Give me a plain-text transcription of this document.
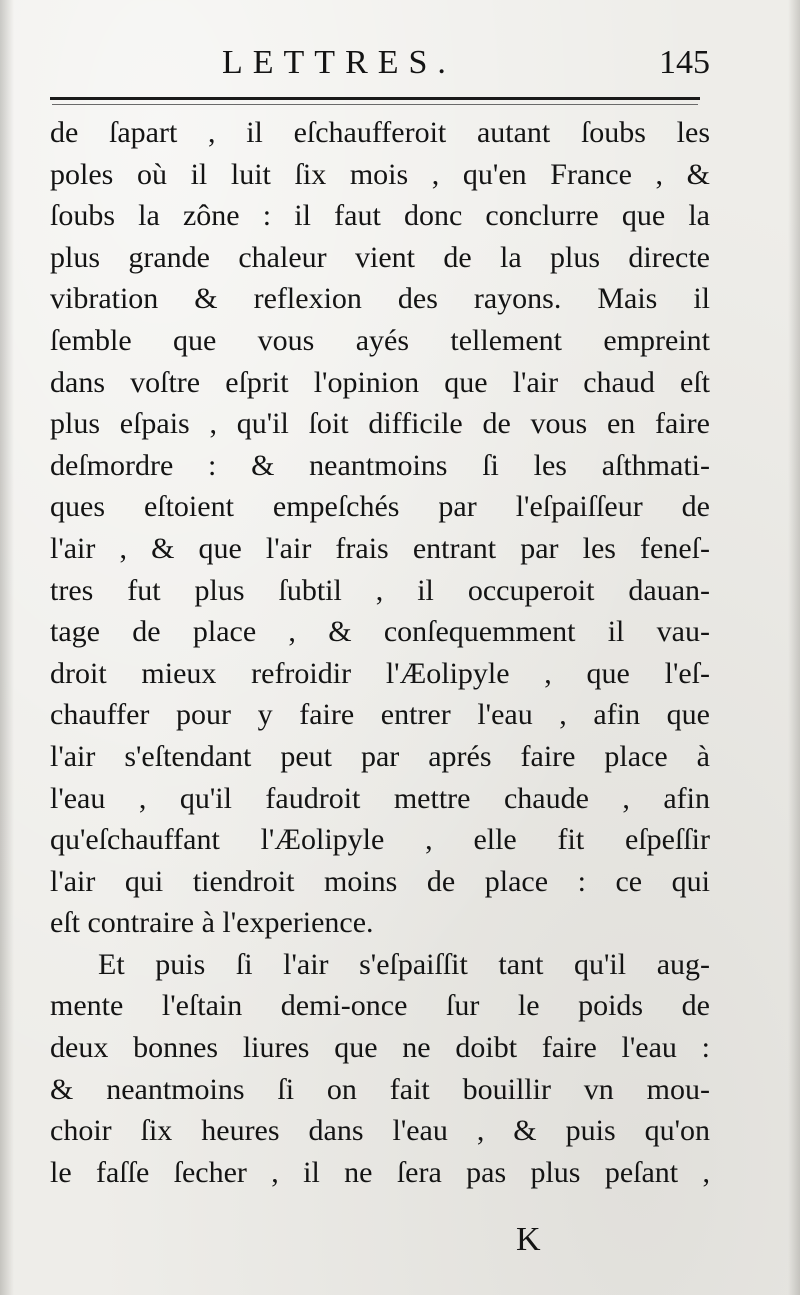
LETTRES.	145
de ſapart , il eſchaufferoit autant ſoubs les
poles où il luit ſix mois , qu'en France , &
ſoubs la zône : il faut donc conclurre que la
plus grande chaleur vient de la plus directe
vibration & reflexion des rayons. Mais il
ſemble que vous ayés tellement empreint
dans voſtre eſprit l'opinion que l'air chaud eſt
plus eſpais , qu'il ſoit difficile de vous en faire
deſmordre : & neantmoins ſi les aſthmati-
ques eſtoient empeſchés par l'eſpaiſſeur de
l'air , & que l'air frais entrant par les feneſ-
tres fut plus ſubtil , il occuperoit dauan-
tage de place , & conſequemment il vau-
droit mieux refroidir l'Æolipyle , que l'eſ-
chauffer pour y faire entrer l'eau , afin que
l'air s'eſtendant peut par aprés faire place à
l'eau , qu'il faudroit mettre chaude , afin
qu'eſchauffant l'Æolipyle , elle fit eſpeſſir
l'air qui tiendroit moins de place : ce qui
eſt contraire à l'experience.
Et puis ſi l'air s'eſpaiſſit tant qu'il aug-
mente l'eſtain demi-once ſur le poids de
deux bonnes liures que ne doibt faire l'eau :
& neantmoins ſi on fait bouillir vn mou-
choir ſix heures dans l'eau , & puis qu'on
le faſſe ſecher , il ne ſera pas plus peſant ,
K
